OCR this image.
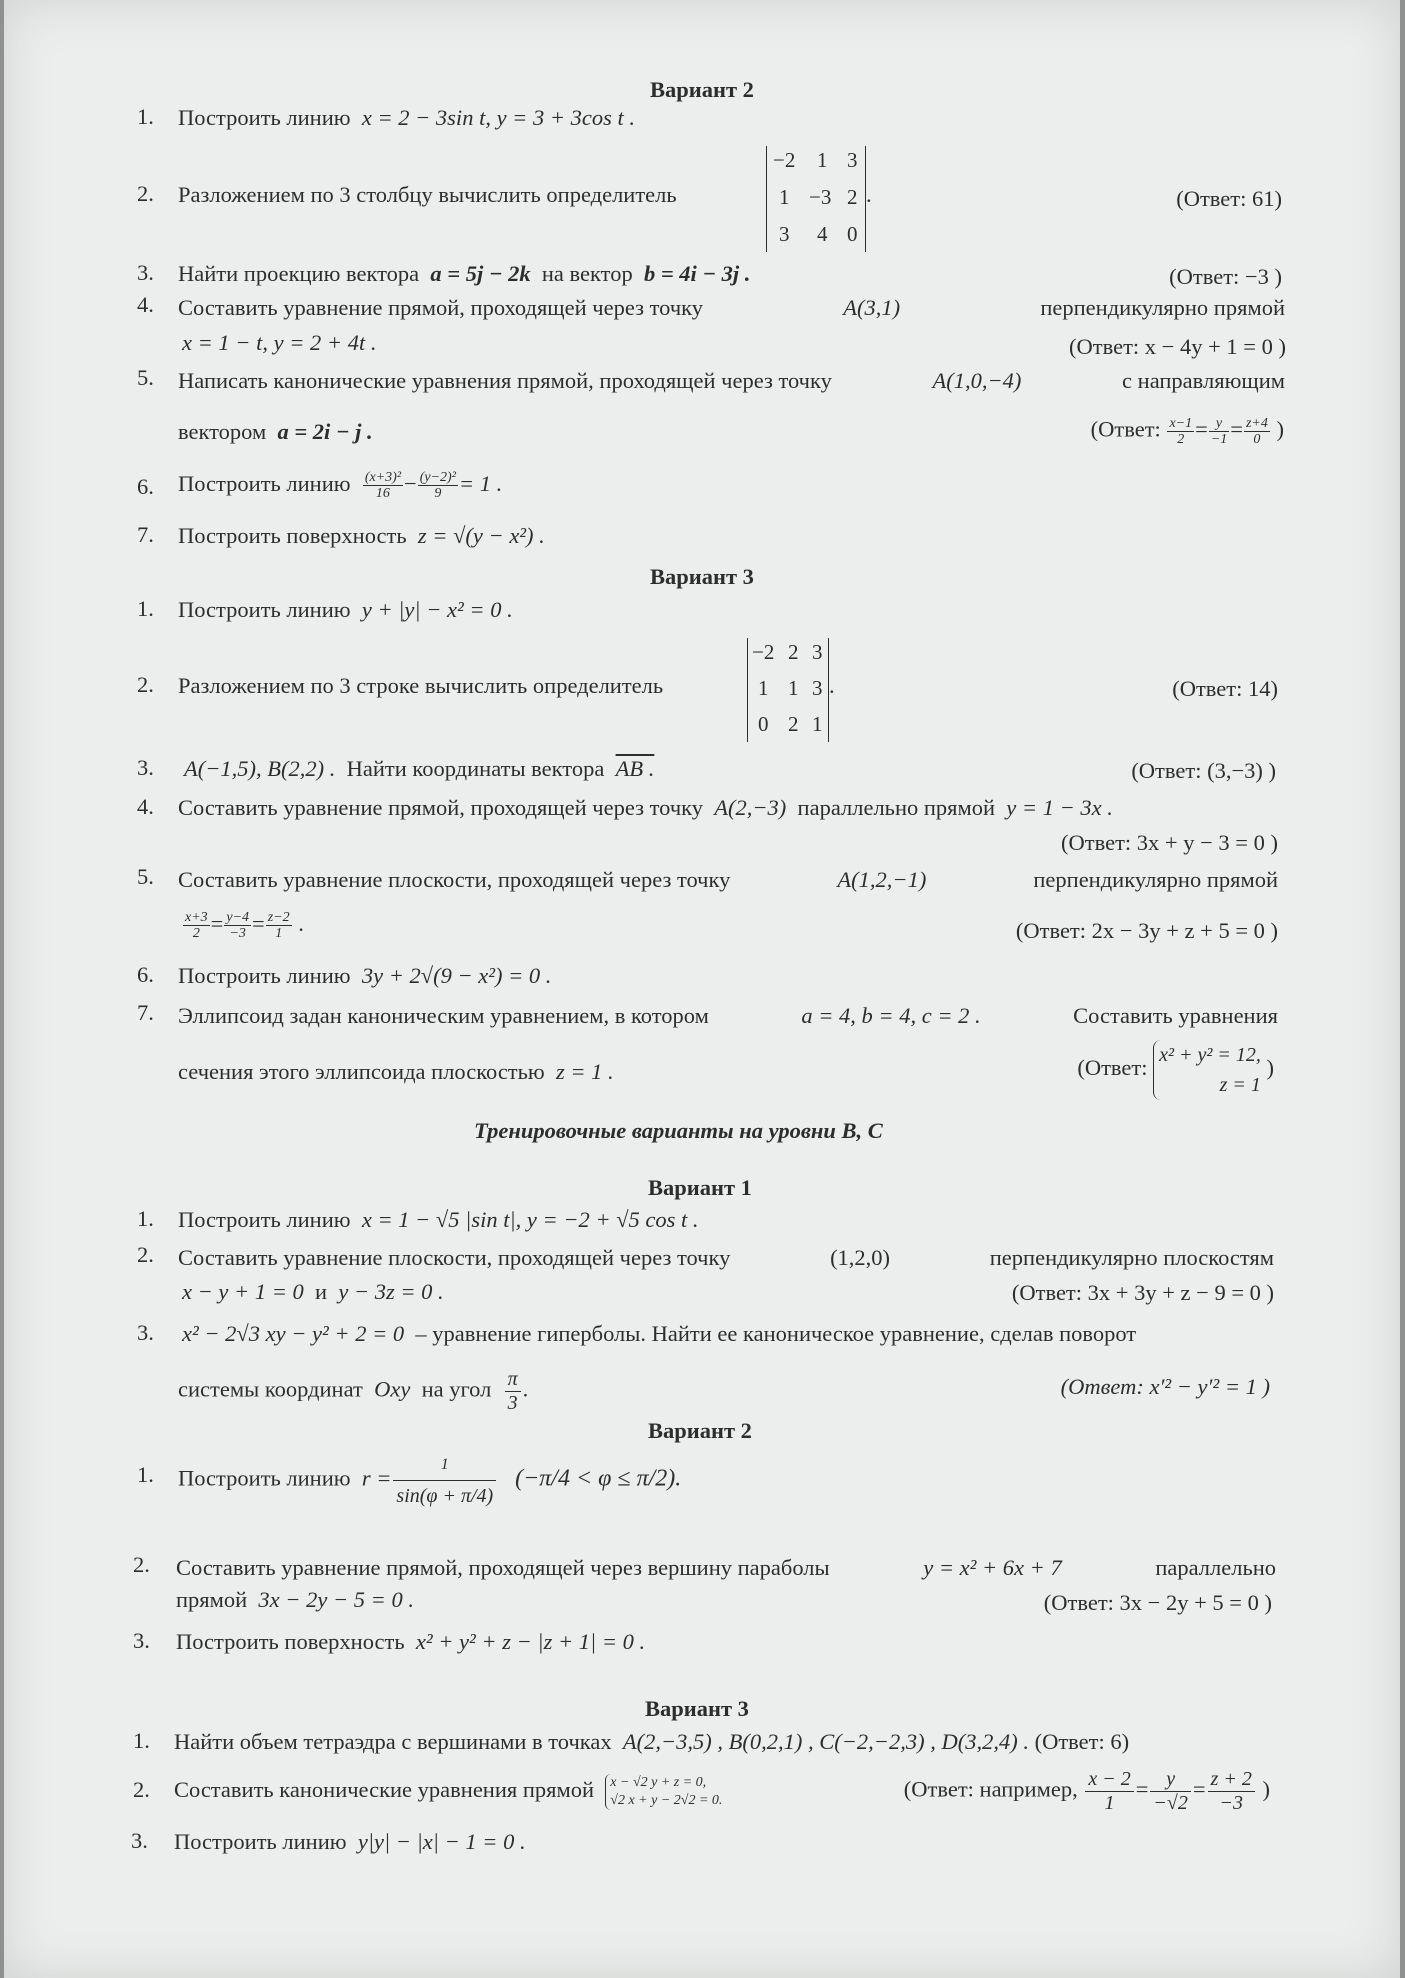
Вариант 2
1. Построить линию x = 2 − 3sin t, y = 3 + 3cos t .
2. Разложением по 3 столбцу вычислить определитель
−2 1 3
1 −3 2
3 4 0
.	(Ответ: 61)
3. Найти проекцию вектора a = 5j − 2k на вектор b = 4i − 3j .	(Ответ: −3 )
4. Составить уравнение прямой, проходящей через точку	A(3,1)	перпендикулярно прямой
x = 1 − t, y = 2 + 4t .	(Ответ: x − 4y + 1 = 0 )
5. Написать канонические уравнения прямой, проходящей через точку	A(1,0,−4)	с направляющим
вектором a = 2i − j .	(Ответ: $\frac{x-1}{2} = \frac{y}{-1} = \frac{z+4}{0}$ )
6. Построить линию $\frac{\text{(x+3)²}}{16} - \frac{\text{(y−2)²}}{9} = 1$ .
7. Построить поверхность z = √(y − x²) .
Вариант 3
1. Построить линию y + |y| − x² = 0 .
2. Разложением по 3 строке вычислить определитель
−2 2 3
1 1 3
0 2 1
.	(Ответ: 14)
3. A(−1,5), B(2,2) . Найти координаты вектора AB .	(Ответ: (3,−3) )
4. Составить уравнение прямой, проходящей через точку A(2,−3) параллельно прямой y = 1 − 3x .
(Ответ: 3x + y − 3 = 0 )
5. Составить уравнение плоскости, проходящей через точку	A(1,2,−1)	перпендикулярно прямой
$\frac{x+3}{2} = \frac{y-4}{-3} = \frac{z-2}{1}$ .	(Ответ: 2x − 3y + z + 5 = 0 )
6. Построить линию 3y + 2√(9 − x²) = 0 .
7. Эллипсоид задан каноническим уравнением, в котором	a = 4, b = 4, c = 2 .	Составить уравнения
сечения этого эллипсоида плоскостью z = 1 .	(Ответ:
x² + y² = 12,
z = 1
)
Тренировочные варианты на уровни В, С
Вариант 1
1. Построить линию x = 1 − √5 |sin t|, y = −2 + √5 cos t .
2. Составить уравнение плоскости, проходящей через точку	(1,2,0)	перпендикулярно плоскостям
x − y + 1 = 0 и y − 3z = 0 .	(Ответ: 3x + 3y + z − 9 = 0 )
3. x² − 2√3 xy − y² + 2 = 0 – уравнение гиперболы. Найти ее каноническое уравнение, сделав поворот
системы координат Oxy на угол $\frac{\pi}{3}$ .	(Ответ: x′² − y′² = 1 )
Вариант 2
1. Построить линию r =
1
sin(φ + π/4)
(−π/4 < φ ≤ π/2).
2. Составить уравнение прямой, проходящей через вершину параболы	y = x² + 6x + 7	параллельно
прямой 3x − 2y − 5 = 0 .	(Ответ: 3x − 2y + 5 = 0 )
3. Построить поверхность x² + y² + z − |z + 1| = 0 .
Вариант 3
1. Найти объем тетраэдра с вершинами в точках A(2,−3,5) , B(0,2,1) , C(−2,−2,3) , D(3,2,4) . (Ответ: 6)
2. Составить канонические уравнения прямой x − √2 y + z = 0,
√2 x + y − 2√2 = 0.	(Ответ: например, $\frac{x - 2}{1} = \frac{y}{-√2} = \frac{z + 2}{-3}$ )
3. Построить линию y|y| − |x| − 1 = 0 .
